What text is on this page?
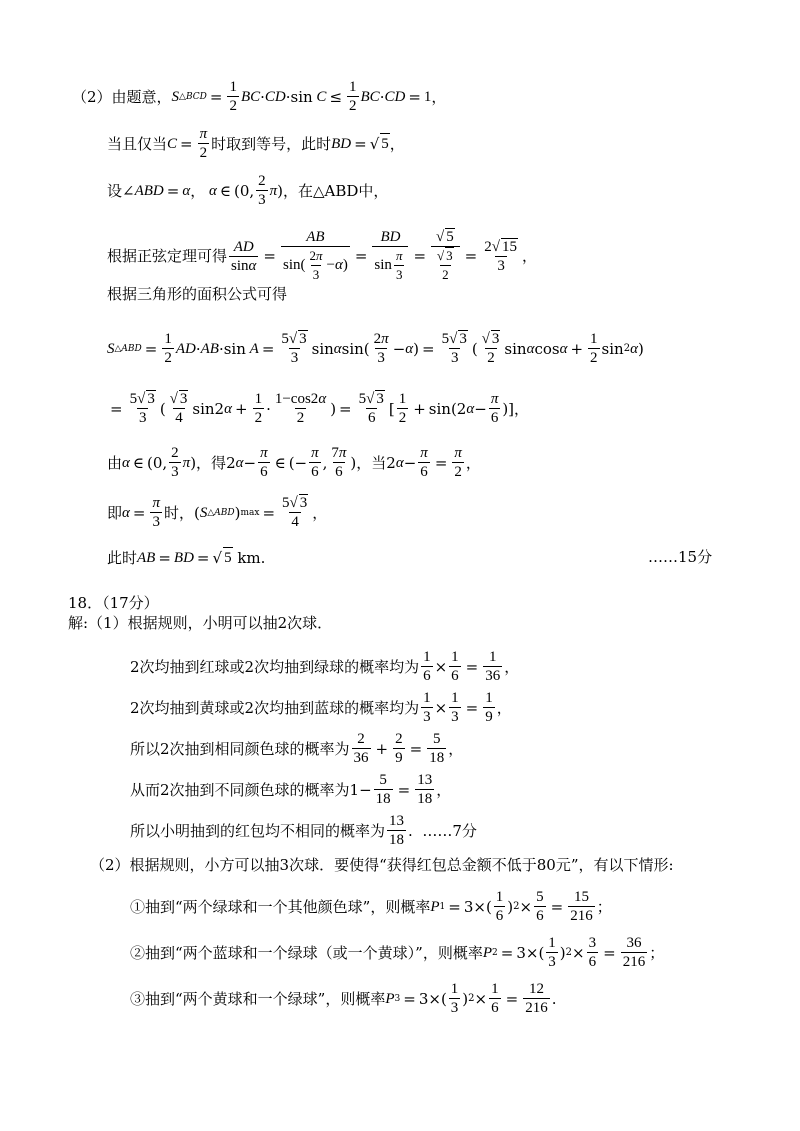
（2）由题意， S △BCD = $\frac{1}{2}$ BC · CD ·sin $C \le \frac{1}{2}$ BC · CD = 1 ，
当且仅当 $C = \frac{\pi}{2}$ 时取到等号，此时 BD = √ 5 ，
设 ∠ ABD = α ， α ∈ (0, $\frac{2}{3}$ π ) ，在△ABD中，
根据正弦定理可得 $\frac{AD}{\sin\alpha} = \frac{AB}{\sin( \frac{2\pi}{3} -\alpha)} = \frac{BD}{\sin \frac{\pi}{3}} = \frac{√ 5}{\frac{√ 3}{2}} = \frac{2√ 15}{3}$ ，
根据三角形的面积公式可得
S △ABD = $\frac{1}{2}$ AD · AB ·sin $A = \frac{5√ 3}{3}$ sin α $\sin( \frac{2\pi}{3} - \alpha$ ) = $\frac{5√ 3}{3}$ ( $\frac{√ 3}{2}$ sin α $\cos \alpha + \frac{1}{2}$ sin 2 α )
= $\frac{5√ 3}{3}$ ( $\frac{√ 3}{4} \sin 2$ $\alpha + \frac{1}{2} \cdot \frac{1-\cos 2\alpha}{2}$ ) = $\frac{5√ 3}{6}$ [ $\frac{1}{2} + \sin(2$ $\alpha - \frac{\pi}{6}$ )]，
由 α ∈ (0, $\frac{2}{3}$ π ) ，得 2 $\alpha - \frac{\pi}{6}$ ∈ (− $\frac{\pi}{6}$ , $\frac{7\pi}{6}$ ) ，当 2 $\alpha - \frac{\pi}{6} = \frac{\pi}{2}$ ，
即 $\alpha = \frac{\pi}{3}$ 时， ( S △ABD ) $\max = \frac{5√ 3}{4}$ ，
此时 AB = BD = √ 5
km.	……15分
18．（17分）
解:（1）根据规则，小明可以抽2次球．
2次均抽到红球或2次均抽到绿球的概率均为 $\frac{1}{6} \times \frac{1}{6} = \frac{1}{36}$ ，
2次均抽到黄球或2次均抽到蓝球的概率均为 $\frac{1}{3} \times \frac{1}{3} = \frac{1}{9}$ ，
所以2次抽到相同颜色球的概率为 $\frac{2}{36} + \frac{2}{9} = \frac{5}{18}$ ，
从而2次抽到不同颜色球的概率为 $1- \frac{5}{18} = \frac{13}{18}$ ，
所以小明抽到的红包均不相同的概率为 $\frac{13}{18}$ . ……7分
（2）根据规则，小方可以抽3次球．要使得“获得红包总金额不低于80元”，有以下情形:
①抽到“两个绿球和一个其他颜色球”，则概率 P $1 = 3\times( \frac{1}{6}$ ) $2 \times \frac{5}{6} = \frac{15}{216}$ ；
②抽到“两个蓝球和一个绿球（或一个黄球）”，则概率 P $2 = 3\times( \frac{1}{3}$ ) $2 \times \frac{3}{6} = \frac{36}{216}$ ；
③抽到“两个黄球和一个绿球”，则概率 P $3 = 3\times( \frac{1}{3}$ ) $2 \times \frac{1}{6} = \frac{12}{216}$ .
